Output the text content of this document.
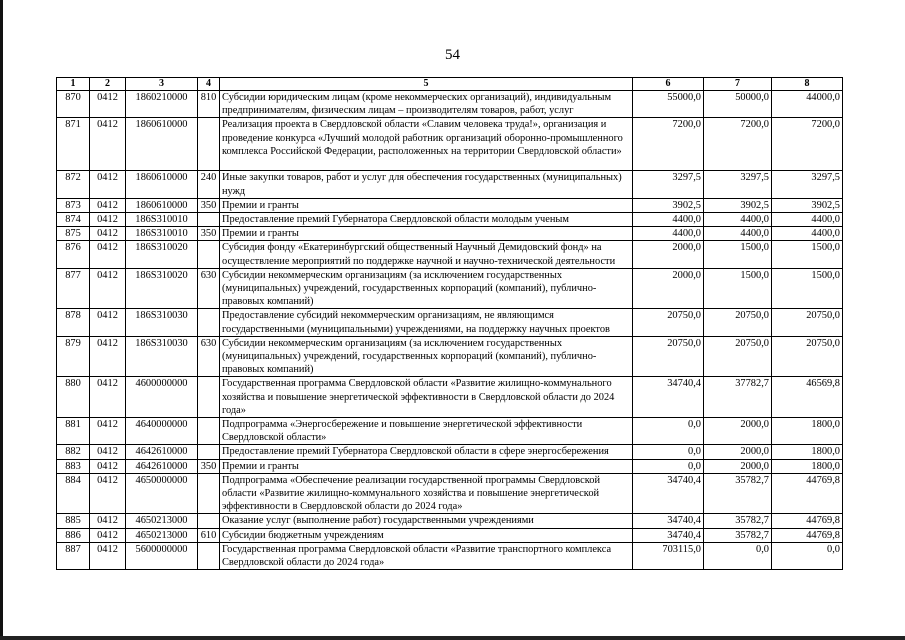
54
1	2	3	4	5	6	7	8
870	0412	1860210000	810	Субсидии юридическим лицам (кроме некоммерческих организаций), индивидуальным предпринимателям, физическим лицам – производителям товаров, работ, услуг	55000,0	50000,0	44000,0
871	0412	1860610000		Реализация проекта в Свердловской области «Славим человека труда!», организация и проведение конкурса «Лучший молодой работник организаций оборонно-промышленного комплекса Российской Федерации, расположенных на территории Свердловской области»	7200,0	7200,0	7200,0
872	0412	1860610000	240	Иные закупки товаров, работ и услуг для обеспечения государственных (муниципальных) нужд	3297,5	3297,5	3297,5
873	0412	1860610000	350	Премии и гранты	3902,5	3902,5	3902,5
874	0412	186S310010		Предоставление премий Губернатора Свердловской области молодым ученым	4400,0	4400,0	4400,0
875	0412	186S310010	350	Премии и гранты	4400,0	4400,0	4400,0
876	0412	186S310020		Субсидия фонду «Екатеринбургский общественный Научный Демидовский фонд» на осуществление мероприятий по поддержке научной и научно-технической деятельности	2000,0	1500,0	1500,0
877	0412	186S310020	630	Субсидии некоммерческим организациям (за исключением государственных (муниципальных) учреждений, государственных корпораций (компаний), публично-правовых компаний)	2000,0	1500,0	1500,0
878	0412	186S310030		Предоставление субсидий некоммерческим организациям, не являющимся государственными (муниципальными) учреждениями, на поддержку научных проектов	20750,0	20750,0	20750,0
879	0412	186S310030	630	Субсидии некоммерческим организациям (за исключением государственных (муниципальных) учреждений, государственных корпораций (компаний), публично-правовых компаний)	20750,0	20750,0	20750,0
880	0412	4600000000		Государственная программа Свердловской области «Развитие жилищно-коммунального хозяйства и повышение энергетической эффективности в Свердловской области до 2024 года»	34740,4	37782,7	46569,8
881	0412	4640000000		Подпрограмма «Энергосбережение и повышение энергетической эффективности Свердловской области»	0,0	2000,0	1800,0
882	0412	4642610000		Предоставление премий Губернатора Свердловской области в сфере энергосбережения	0,0	2000,0	1800,0
883	0412	4642610000	350	Премии и гранты	0,0	2000,0	1800,0
884	0412	4650000000		Подпрограмма «Обеспечение реализации государственной программы Свердловской области «Развитие жилищно-коммунального хозяйства и повышение энергетической эффективности в Свердловской области до 2024 года»	34740,4	35782,7	44769,8
885	0412	4650213000		Оказание услуг (выполнение работ) государственными учреждениями	34740,4	35782,7	44769,8
886	0412	4650213000	610	Субсидии бюджетным учреждениям	34740,4	35782,7	44769,8
887	0412	5600000000		Государственная программа Свердловской области «Развитие транспортного комплекса Свердловской области до 2024 года»	703115,0	0,0	0,0
